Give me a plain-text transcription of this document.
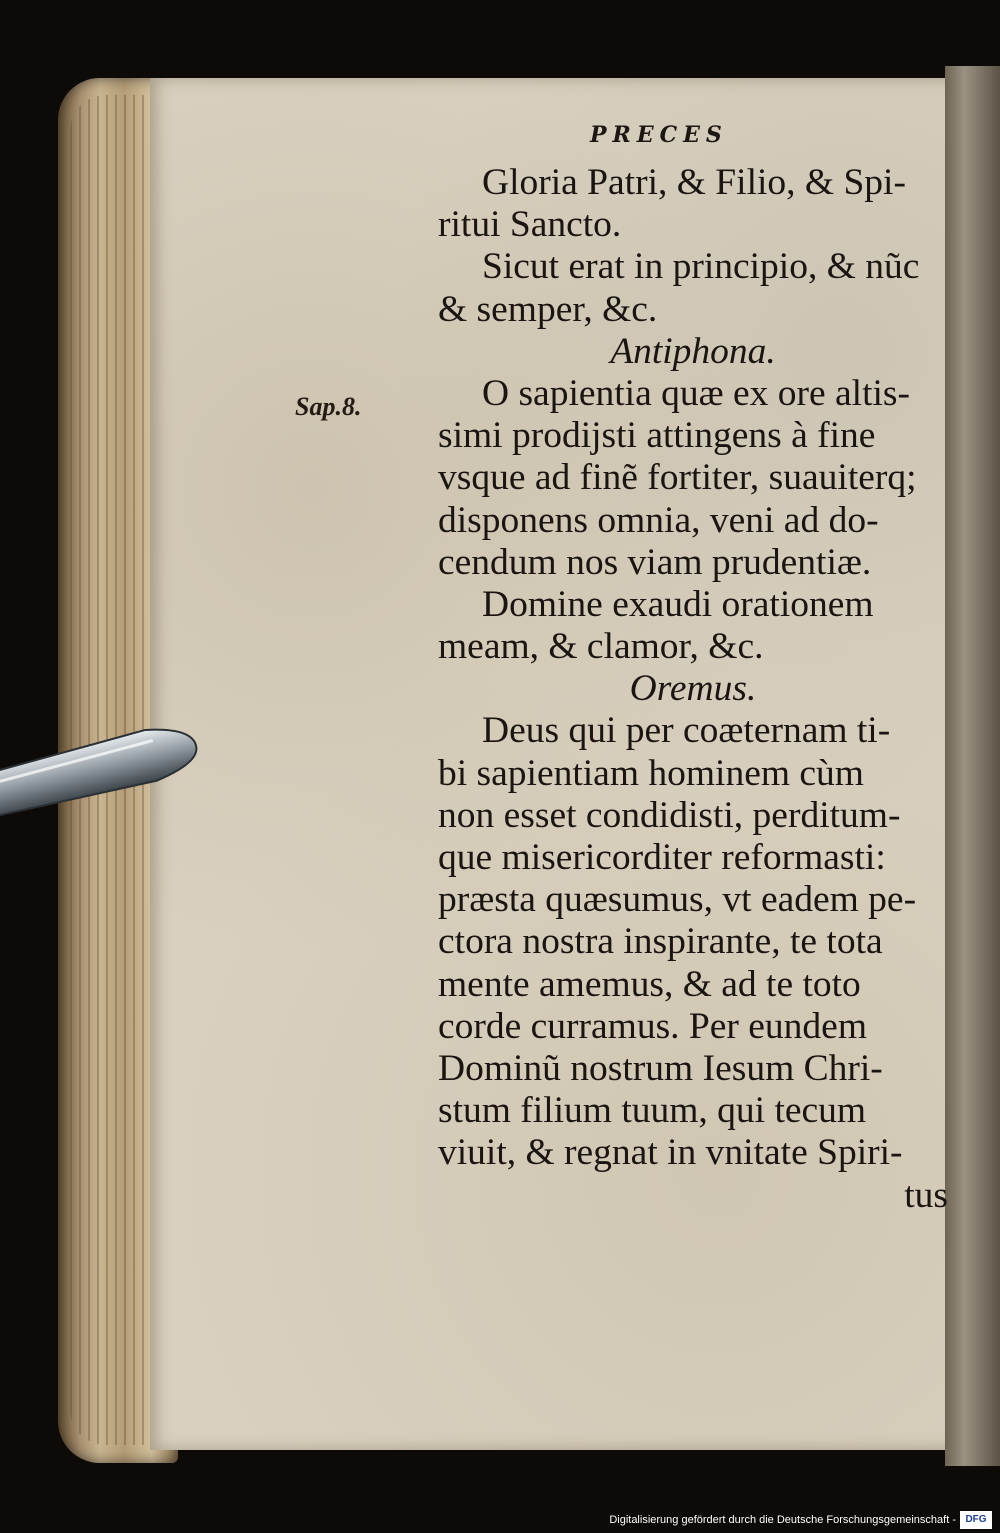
PRECES

Sap.8.
Gloria Patri, & Filio, & Spi-
ritui Sancto.
Sicut erat in principio, & nũc
& semper, &c.
Antiphona.
O sapientia quæ ex ore altis-
simi prodijsti attingens à fine
vsque ad finẽ fortiter, suauiterq;
disponens omnia, veni ad do-
cendum nos viam prudentiæ.
Domine exaudi orationem
meam, & clamor, &c.
Oremus.
Deus qui per coæternam ti-
bi sapientiam hominem cùm
non esset condidisti, perditum-
que misericorditer reformasti:
præsta quæsumus, vt eadem pe-
ctora nostra inspirante, te tota
mente amemus, & ad te toto
corde curramus. Per eundem
Dominũ nostrum Iesum Chri-
stum filium tuum, qui tecum
viuit, & regnat in vnitate Spiri-
tus
Digitalisierung gefördert durch die Deutsche Forschungsgemeinschaft - DFG
